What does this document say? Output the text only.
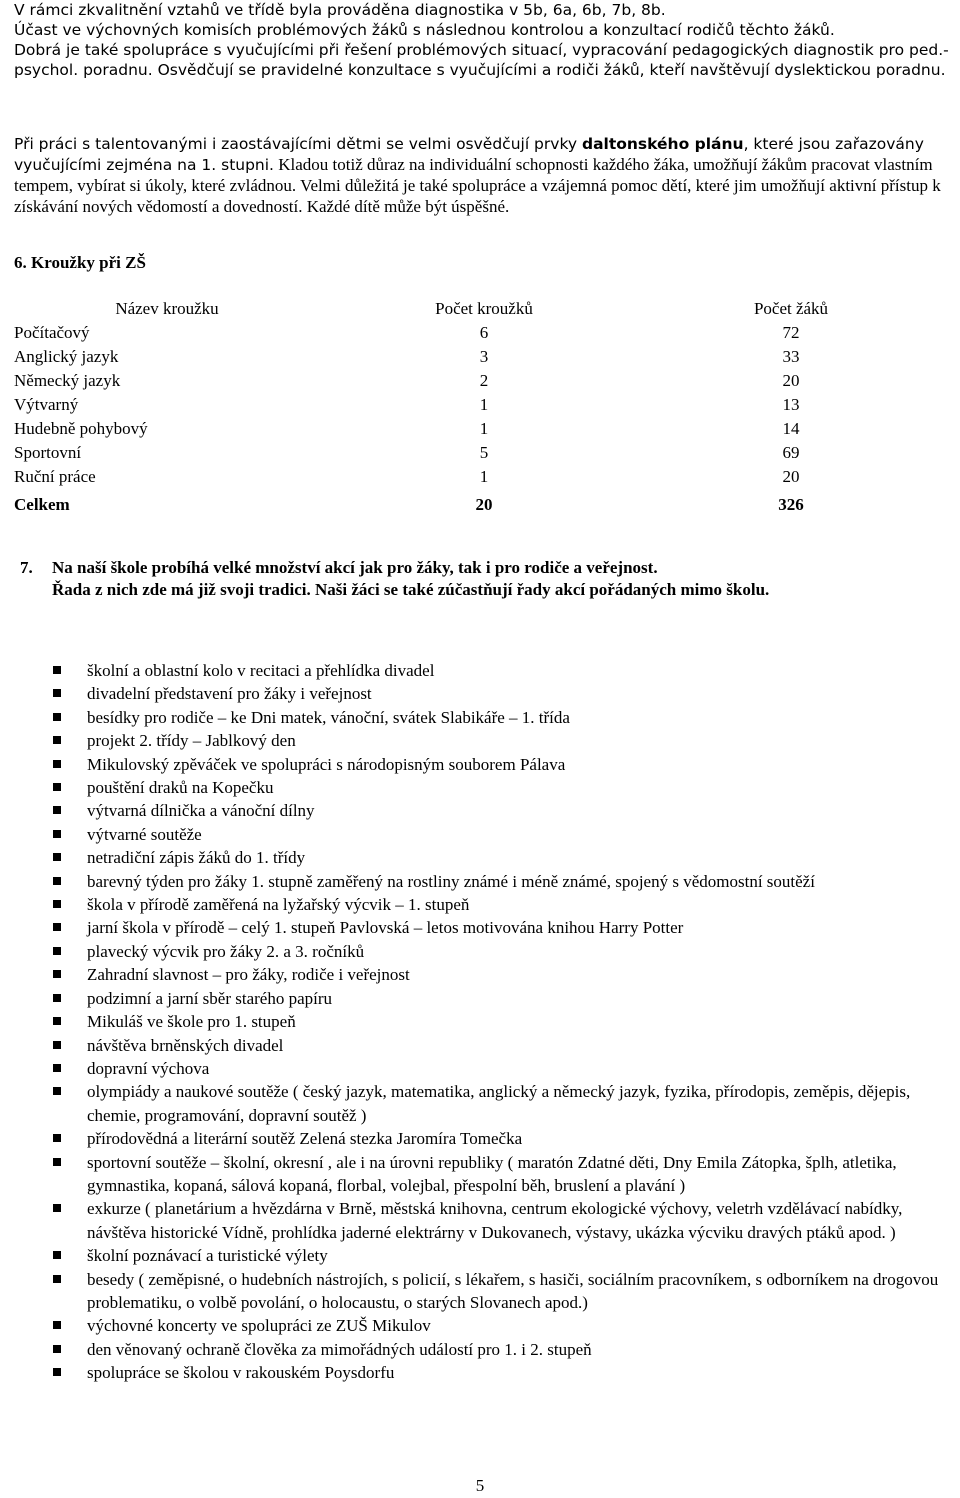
V rámci zkvalitnění vztahů ve třídě byla prováděna diagnostika v 5b, 6a, 6b, 7b, 8b.

Účast ve výchovných komisích problémových žáků s následnou kontrolou a konzultací rodičů těchto žáků.

Dobrá je také spolupráce s vyučujícími při řešení problémových situací, vypracování pedagogických diagnostik pro ped.- psychol. poradnu. Osvědčují se pravidelné konzultace s vyučujícími a rodiči žáků, kteří navštěvují dyslektickou poradnu.

Při práci s talentovanými i zaostávajícími dětmi se velmi osvědčují prvky daltonského plánu, které jsou zařazovány vyučujícími zejména na 1. stupni. Kladou totiž důraz na individuální schopnosti každého žáka, umožňují žákům pracovat vlastním tempem, vybírat si úkoly, které zvládnou. Velmi důležitá je také spolupráce a vzájemná pomoc dětí, které jim umožňují aktivní přístup k získávání nových vědomostí a dovedností. Každé dítě může být úspěšné.

6. Kroužky při ZŠ
Název kroužku	Počet kroužků	Počet žáků
Počítačový	6	72
Anglický jazyk	3	33
Německý jazyk	2	20
Výtvarný	1	13
Hudebně pohybový	1	14
Sportovní	5	69
Ruční práce	1	20
Celkem	20	326
7. Na naší škole probíhá velké množství akcí jak pro žáky, tak i pro rodiče a veřejnost.
Řada z nich zde má již svoji tradici. Naši žáci se také zúčastňují řady akcí pořádaných mimo školu.
školní a oblastní kolo v recitaci a přehlídka divadel
divadelní představení pro žáky i veřejnost
besídky pro rodiče – ke Dni matek, vánoční, svátek Slabikáře – 1. třída
projekt 2. třídy – Jablkový den
Mikulovský zpěváček ve spolupráci s národopisným souborem Pálava
pouštění draků na Kopečku
výtvarná dílnička a vánoční dílny
výtvarné soutěže
netradiční zápis žáků do 1. třídy
barevný týden pro žáky 1. stupně zaměřený na rostliny známé i méně známé, spojený s vědomostní soutěží
škola v přírodě zaměřená na lyžařský výcvik – 1. stupeň
jarní škola v přírodě – celý 1. stupeň Pavlovská – letos motivována knihou Harry Potter
plavecký výcvik pro žáky 2. a 3. ročníků
Zahradní slavnost – pro žáky, rodiče i veřejnost
podzimní a jarní sběr starého papíru
Mikuláš ve škole pro 1. stupeň
návštěva brněnských divadel
dopravní výchova
olympiády a naukové soutěže ( český jazyk, matematika, anglický a německý jazyk, fyzika, přírodopis, zeměpis, dějepis, chemie, programování, dopravní soutěž )
přírodovědná a literární soutěž Zelená stezka Jaromíra Tomečka
sportovní soutěže – školní, okresní , ale i na úrovni republiky ( maratón Zdatné děti, Dny Emila Zátopka, šplh, atletika, gymnastika, kopaná, sálová kopaná, florbal, volejbal, přespolní běh, bruslení a plavání )
exkurze ( planetárium a hvězdárna v Brně, městská knihovna, centrum ekologické výchovy, veletrh vzdělávací nabídky, návštěva historické Vídně, prohlídka jaderné elektrárny v Dukovanech, výstavy, ukázka výcviku dravých ptáků apod. )
školní poznávací a turistické výlety
besedy ( zeměpisné, o hudebních nástrojích, s policií, s lékařem, s hasiči, sociálním pracovníkem, s odborníkem na drogovou problematiku, o volbě povolání, o holocaustu, o starých Slovanech apod.)
výchovné koncerty ve spolupráci ze ZUŠ Mikulov
den věnovaný ochraně člověka za mimořádných událostí pro 1. i 2. stupeň
spolupráce se školou v rakouském Poysdorfu
5
